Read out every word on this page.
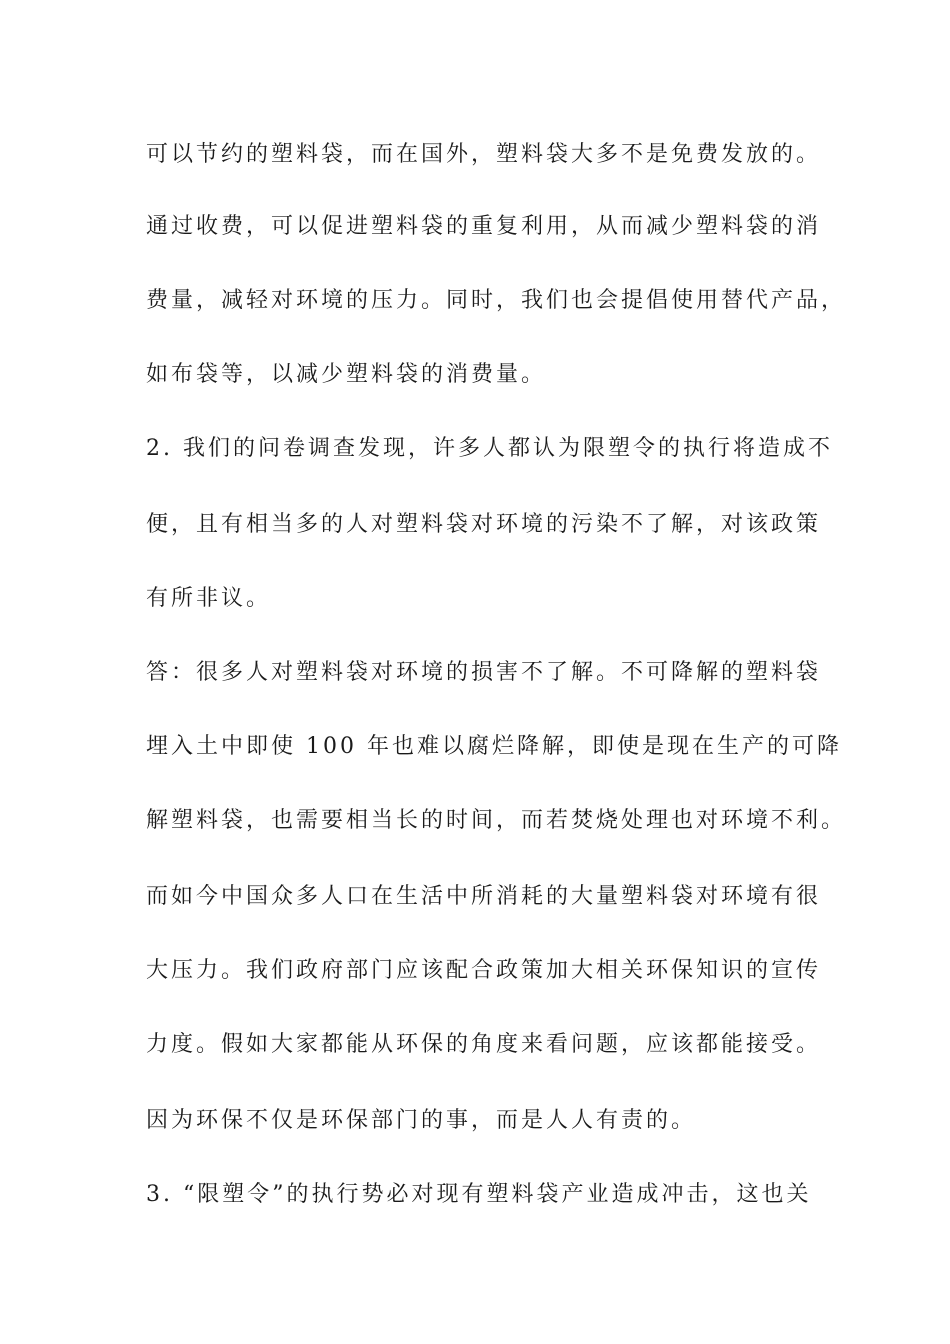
可以节约的塑料袋，而在国外，塑料袋大多不是免费发放的。
通过收费，可以促进塑料袋的重复利用，从而减少塑料袋的消
费量，减轻对环境的压力。同时，我们也会提倡使用替代产品，
如布袋等，以减少塑料袋的消费量。
2. 我们的问卷调查发现，许多人都认为限塑令的执行将造成不
便，且有相当多的人对塑料袋对环境的污染不了解，对该政策
有所非议。
答：很多人对塑料袋对环境的损害不了解。不可降解的塑料袋
埋入土中即使 100 年也难以腐烂降解，即使是现在生产的可降
解塑料袋，也需要相当长的时间，而若焚烧处理也对环境不利。
而如今中国众多人口在生活中所消耗的大量塑料袋对环境有很
大压力。我们政府部门应该配合政策加大相关环保知识的宣传
力度。假如大家都能从环保的角度来看问题，应该都能接受。
因为环保不仅是环保部门的事，而是人人有责的。
3. “限塑令”的执行势必对现有塑料袋产业造成冲击，这也关
